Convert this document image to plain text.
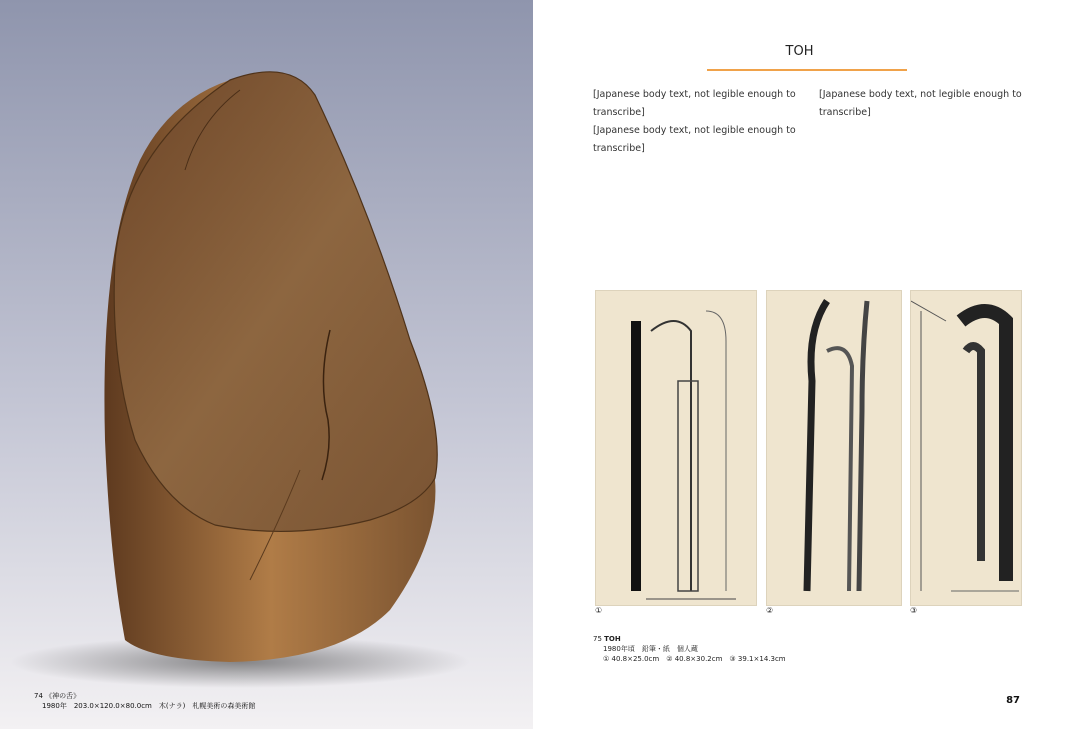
74 《神の舌》
1980年　203.0×120.0×80.0cm　木(ナラ)　札幌美術の森美術館
TOH

[Japanese body text, not legible enough to transcribe]

[Japanese body text, not legible enough to transcribe]

[Japanese body text, not legible enough to transcribe]

①	②	③
75 TOH
1980年頃　鉛筆・紙　個人蔵
① 40.8×25.0cm　② 40.8×30.2cm　③ 39.1×14.3cm
87
